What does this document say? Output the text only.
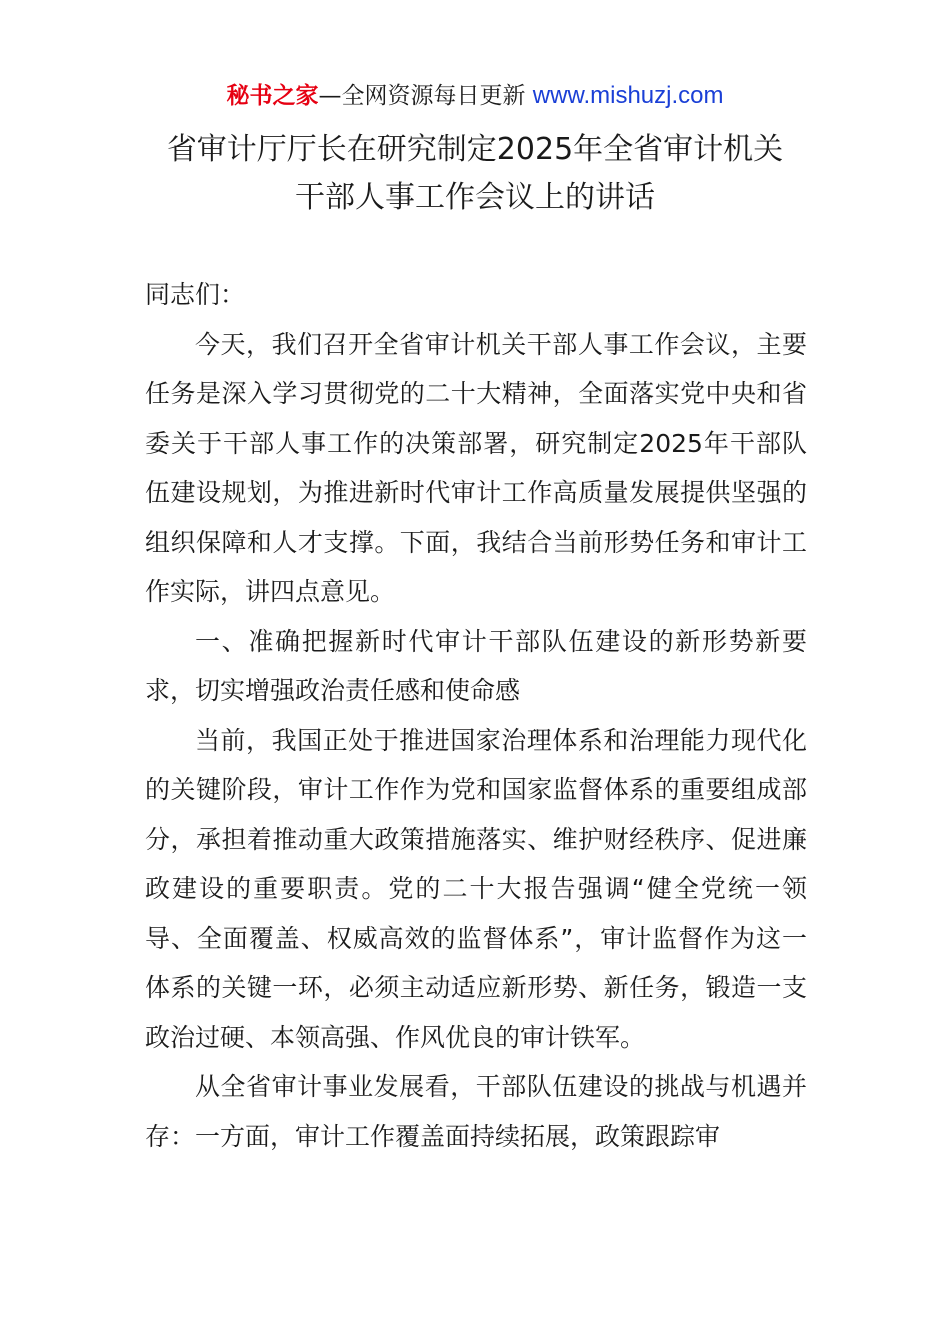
秘书之家—全网资源每日更新 www.mishuzj.com
省审计厅厅长在研究制定2025年全省审计机关
干部人事工作会议上的讲话

同志们：

今天，我们召开全省审计机关干部人事工作会议，主要任务是深入学习贯彻党的二十大精神，全面落实党中央和省委关于干部人事工作的决策部署，研究制定2025年干部队伍建设规划，为推进新时代审计工作高质量发展提供坚强的组织保障和人才支撑。下面，我结合当前形势任务和审计工作实际，讲四点意见。

一、准确把握新时代审计干部队伍建设的新形势新要求，切实增强政治责任感和使命感

当前，我国正处于推进国家治理体系和治理能力现代化的关键阶段，审计工作作为党和国家监督体系的重要组成部分，承担着推动重大政策措施落实、维护财经秩序、促进廉政建设的重要职责。党的二十大报告强调“健全党统一领导、全面覆盖、权威高效的监督体系”，审计监督作为这一体系的关键一环，必须主动适应新形势、新任务，锻造一支政治过硬、本领高强、作风优良的审计铁军。

从全省审计事业发展看，干部队伍建设的挑战与机遇并存：一方面，审计工作覆盖面持续拓展，政策跟踪审
